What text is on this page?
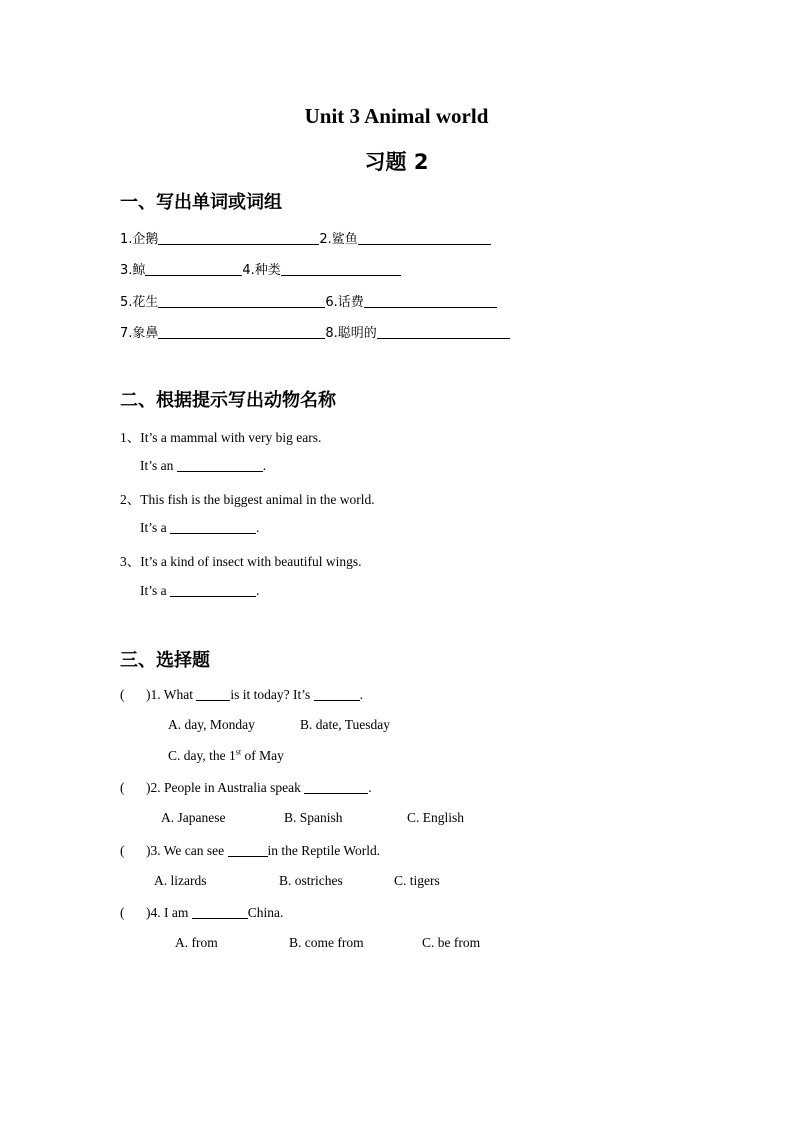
Unit 3 Animal world
习题 2
一、写出单词或词组
1.企鹅	2.鲨鱼
3.鲸	4.种类
5.花生	6.话费
7.象鼻	8.聪明的
二、根据提示写出动物名称
1、It’s a mammal with very big ears.
It’s an	.
2、This fish is the biggest animal in the world.
It’s a	.
3、It’s a kind of insect with beautiful wings.
It’s a	.
三、选择题
( )1. What	is it today? It’s	.
A. day, Monday	B. date, Tuesday
C. day, the 1st of May
( )2. People in Australia speak	.
A. Japanese	B. Spanish	C. English
( )3. We can see	in the Reptile World.
A. lizards	B. ostriches	C. tigers
( )4. I am	China.
A. from	B. come from	C. be from
